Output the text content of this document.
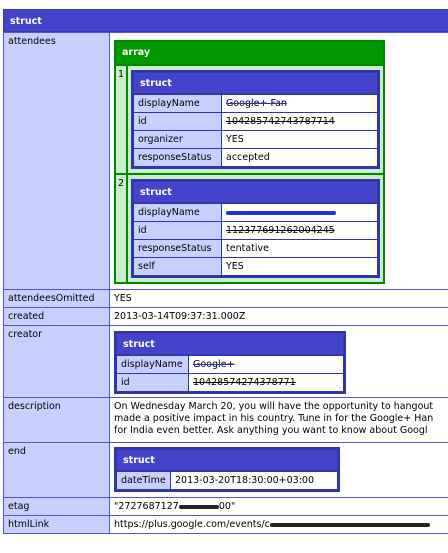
struct
attendees	
array
1
struct
displayName	Google+ Fan
id	104285742743787714
organizer	YES
responseStatus	accepted
2
struct
displayName	
id	112377691262004245
responseStatus	tentative
self	YES

attendeesOmitted	YES
created	2013-03-14T09:37:31.000Z
creator	
struct
displayName	Google+
id	10428574274378771

description	On Wednesday March 20, you will have the opportunity to hangout
made a positive impact in his country. Tune in for the Google+ Han
for India even better. Ask anything you want to know about Googl

end	
struct
dateTime	2013-03-20T18:30:00+03:00

etag	"2727687127	00"
htmlLink	https://plus.google.com/events/c
